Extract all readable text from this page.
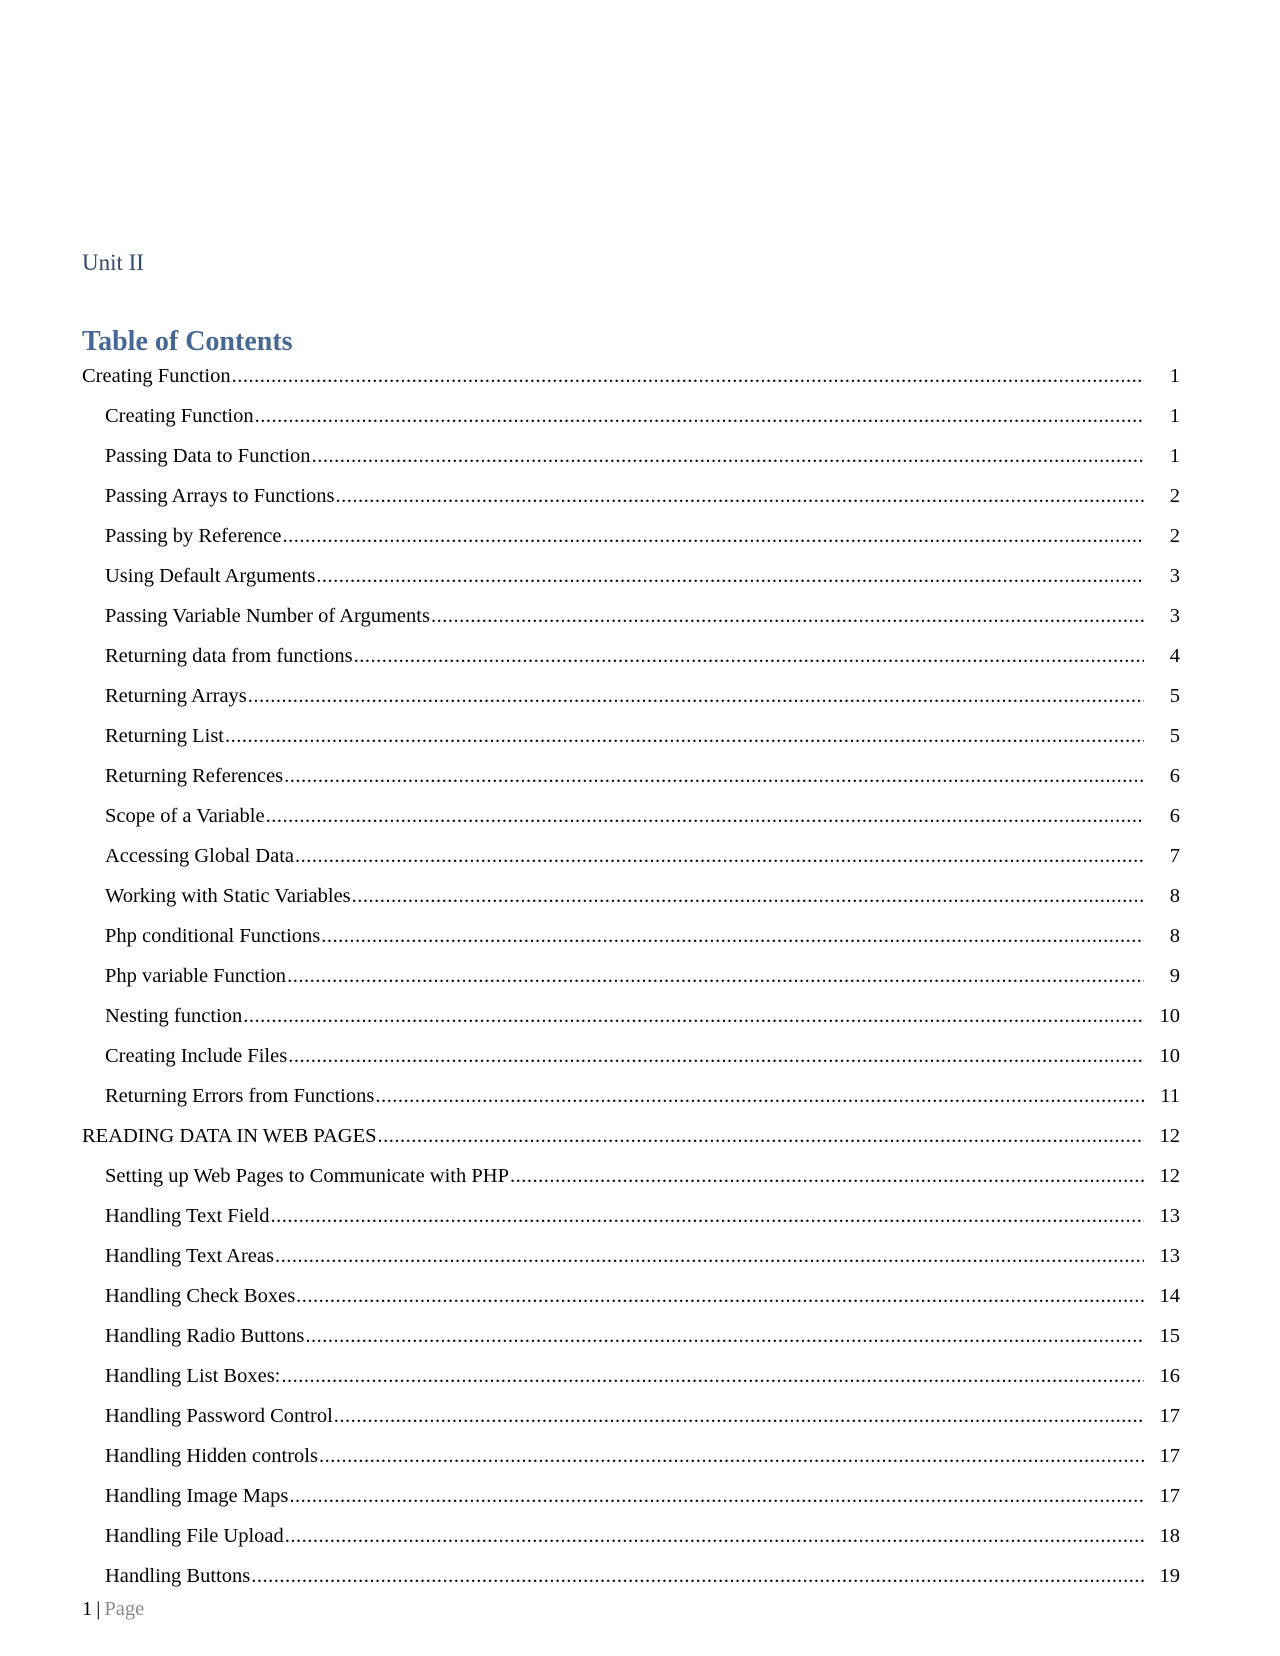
Unit II
Table of Contents
Creating Function .....	1
Creating Function .....	1
Passing Data to Function .....	1
Passing Arrays to Functions .....	2
Passing by Reference .....	2
Using Default Arguments .....	3
Passing Variable Number of Arguments .....	3
Returning data from functions .....	4
Returning Arrays .....	5
Returning List .....	5
Returning References .....	6
Scope of a Variable .....	6
Accessing Global Data .....	7
Working with Static Variables .....	8
Php conditional Functions .....	8
Php variable Function .....	9
Nesting function .....	10
Creating Include Files .....	10
Returning Errors from Functions .....	11
READING DATA IN WEB PAGES .....	12
Setting up Web Pages to Communicate with PHP .....	12
Handling Text Field .....	13
Handling Text Areas .....	13
Handling Check Boxes .....	14
Handling Radio Buttons .....	15
Handling List Boxes: .....	16
Handling Password Control .....	17
Handling Hidden controls .....	17
Handling Image Maps .....	17
Handling File Upload .....	18
Handling Buttons .....	19
1 | Page
